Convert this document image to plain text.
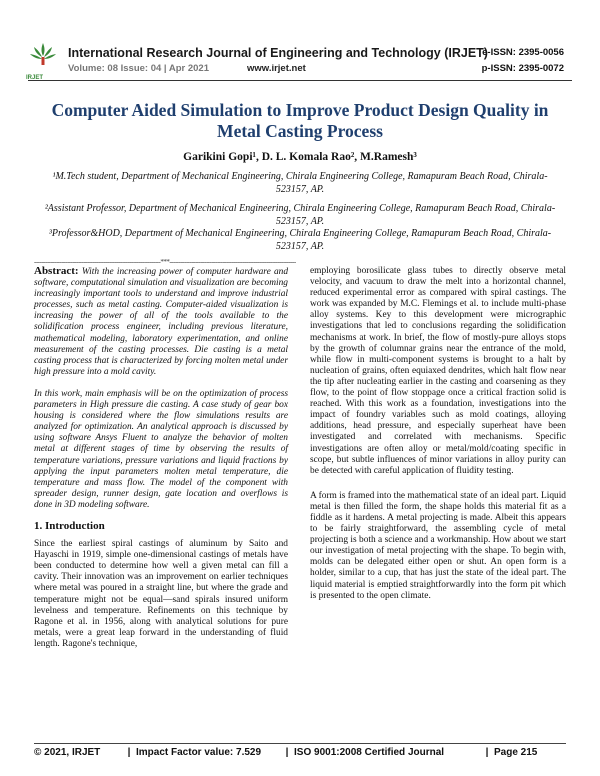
IRJET
International Research Journal of Engineering and Technology (IRJET)
Volume: 08 Issue: 04 | Apr 2021	www.irjet.net
e-ISSN: 2395-0056
p-ISSN: 2395-0072
Computer Aided Simulation to Improve Product Design Quality in Metal Casting Process
Garikini Gopi¹, D. L. Komala Rao², M.Ramesh³
¹M.Tech student, Department of Mechanical Engineering, Chirala Engineering College, Ramapuram Beach Road, Chirala-523157, AP.
²Assistant Professor, Department of Mechanical Engineering, Chirala Engineering College, Ramapuram Beach Road, Chirala-523157, AP.
³Professor&HOD, Department of Mechanical Engineering, Chirala Engineering College, Ramapuram Beach Road, Chirala-523157, AP.
---------------------------------------------------------------------***---------------------------------------------------------------------

Abstract: With the increasing power of computer hardware and software, computational simulation and visualization are becoming increasingly important tools to understand and improve industrial processes, such as metal casting. Computer-aided visualization is increasing the power of all of the tools available to the solidification process engineer, including previous literature, mathematical modeling, laboratory experimentation, and online measurement of the casting processes. Die casting is a metal casting process that is characterized by forcing molten metal under high pressure into a mold cavity.

In this work, main emphasis will be on the optimization of process parameters in High pressure die casting. A case study of gear box housing is considered where the flow simulations results are analyzed for optimization. An analytical approach is discussed by using software Ansys Fluent to analyze the behavior of molten metal at different stages of time by observing the results of temperature variations, pressure variations and liquid fractions by applying the input parameters molten metal temperature, die temperature and mass flow. The model of the component with spreader design, runner design, gate location and overflows is done in 3D modeling software.

1. Introduction

Since the earliest spiral castings of aluminum by Saito and Hayaschi in 1919, simple one-dimensional castings of metals have been conducted to determine how well a given metal can fill a cavity. Their innovation was an improvement on earlier techniques where metal was poured in a straight line, but where the grade and temperature might not be equal—sand spirals insured uniform levelness and temperature. Refinements on this technique by Ragone et al. in 1956, along with analytical solutions for pure metals, were a great leap forward in the understanding of fluid length. Ragone's technique,

employing borosilicate glass tubes to directly observe metal velocity, and vacuum to draw the melt into a horizontal channel, reduced experimental error as compared with spiral castings. The work was expanded by M.C. Flemings et al. to include multi-phase alloy systems. Key to this development were micrographic investigations that led to conclusions regarding the solidification mechanisms at work. In brief, the flow of mostly-pure alloys stops by the growth of columnar grains near the entrance of the mold, while flow in multi-component systems is brought to a halt by nucleation of grains, often equiaxed dendrites, which halt flow near the tip after nucleating earlier in the casting and coarsening as they flow, to the point of flow stoppage once a critical fraction solid is reached. With this work as a foundation, investigations into the impact of foundry variables such as mold coatings, alloying additions, head pressure, and especially superheat have been investigated and correlated with mechanisms. Specific investigations are often alloy or metal/mold/coating specific in scope, but subtle influences of minor variations in alloy purity can be detected with careful application of fluidity testing.

A form is framed into the mathematical state of an ideal part. Liquid metal is then filled the form, the shape holds this material fit as a fiddle as it hardens. A metal projecting is made. Albeit this appears to be fairly straightforward, the assembling cycle of metal projecting is both a science and a workmanship. How about we start our investigation of metal projecting with the shape. To begin with, molds can be delegated either open or shut. An open form is a holder, similar to a cup, that has just the state of the ideal part. The liquid material is emptied straightforwardly into the form pit which is presented to the open climate.

© 2021, IRJET	| Impact Factor value: 7.529	| ISO 9001:2008 Certified Journal	| Page 215
